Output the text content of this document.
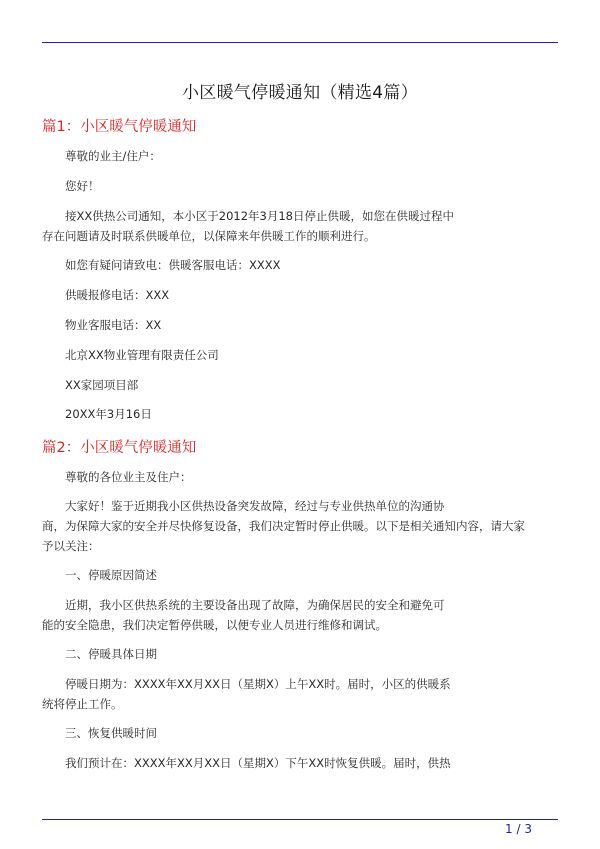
小区暖气停暖通知（精选4篇）
篇1：小区暖气停暖通知
尊敬的业主/住户：
您好！
接XX供热公司通知，本小区于2012年3月18日停止供暖，如您在供暖过程中
存在问题请及时联系供暖单位，以保障来年供暖工作的顺利进行。
如您有疑问请致电：供暖客服电话：XXXX
供暖报修电话：XXX
物业客服电话：XX
北京XX物业管理有限责任公司
XX家园项目部
20XX年3月16日
篇2：小区暖气停暖通知
尊敬的各位业主及住户：
大家好！鉴于近期我小区供热设备突发故障，经过与专业供热单位的沟通协
商，为保障大家的安全并尽快修复设备，我们决定暂时停止供暖。以下是相关通知内容，请大家
予以关注：
一、停暖原因简述
近期，我小区供热系统的主要设备出现了故障，为确保居民的安全和避免可
能的安全隐患，我们决定暂停供暖，以便专业人员进行维修和调试。
二、停暖具体日期
停暖日期为：XXXX年XX月XX日（星期X）上午XX时。届时，小区的供暖系
统将停止工作。
三、恢复供暖时间
我们预计在：XXXX年XX月XX日（星期X）下午XX时恢复供暖。届时，供热
1 / 3
